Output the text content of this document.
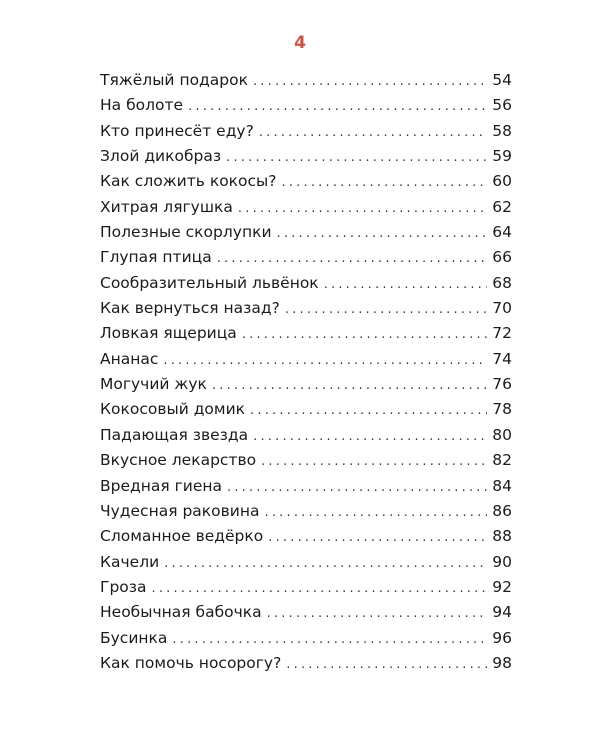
4
Тяжёлый подарок .....	54
На болоте .....	56
Кто принесёт еду? .....	58
Злой дикобраз .....	59
Как сложить кокосы? .....	60
Хитрая лягушка .....	62
Полезные скорлупки .....	64
Глупая птица .....	66
Сообразительный львёнок .....	68
Как вернуться назад? .....	70
Ловкая ящерица .....	72
Ананас .....	74
Могучий жук .....	76
Кокосовый домик .....	78
Падающая звезда .....	80
Вкусное лекарство .....	82
Вредная гиена .....	84
Чудесная раковина .....	86
Сломанное ведёрко .....	88
Качели .....	90
Гроза .....	92
Необычная бабочка .....	94
Бусинка .....	96
Как помочь носорогу? .....	98
